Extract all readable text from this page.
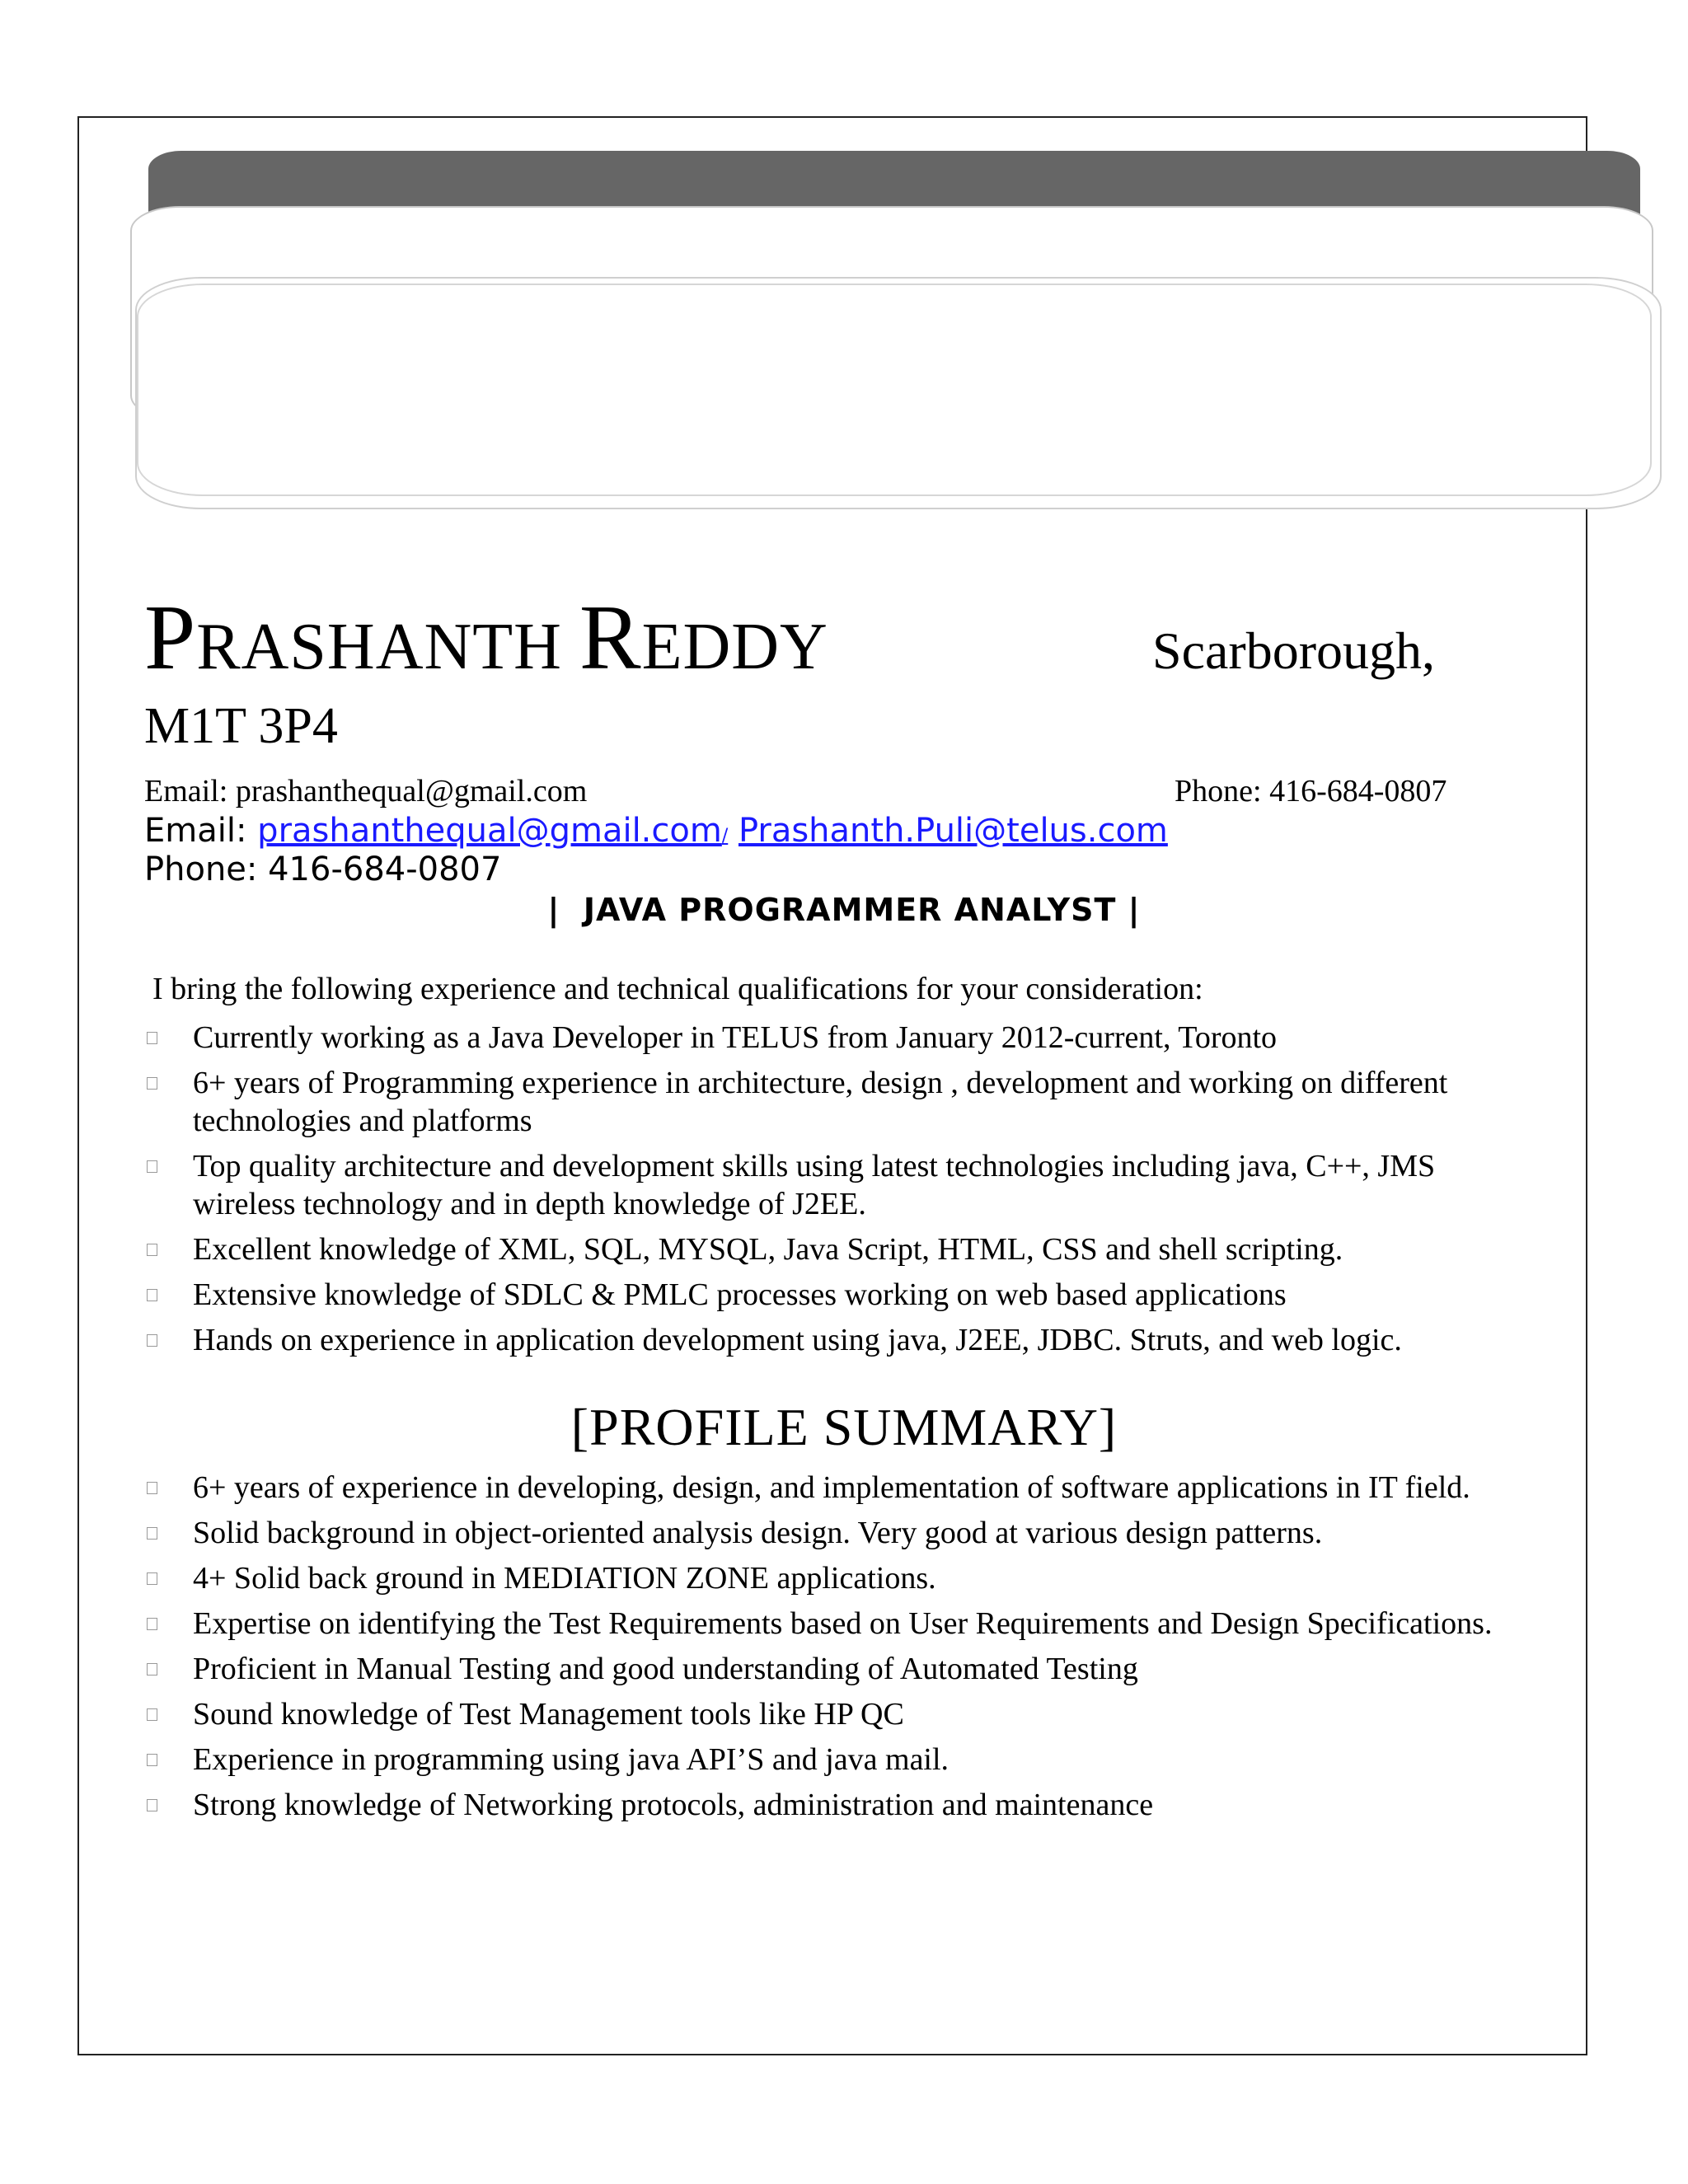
PRASHANTH REDDY	Scarborough,
M1T 3P4
Email: prashanthequal@gmail.com	Phone: 416-684-0807
Email: prashanthequal@gmail.com/ Prashanth.Puli@telus.com
Phone: 416-684-0807
| JAVA PROGRAMMER ANALYST |
I bring the following experience and technical qualifications for your consideration:
Currently working as a Java Developer in TELUS from January 2012-current, Toronto
6+ years of Programming experience in architecture, design , development and working on different technologies and platforms
Top quality architecture and development skills using latest technologies including java, C++, JMS wireless technology and in depth knowledge of J2EE.
Excellent knowledge of XML, SQL, MYSQL, Java Script, HTML, CSS and shell scripting.
Extensive knowledge of SDLC & PMLC processes working on web based applications
Hands on experience in application development using java, J2EE, JDBC. Struts, and web logic.
[PROFILE SUMMARY]
6+ years of experience in developing, design, and implementation of software applications in IT field.
Solid background in object-oriented analysis design. Very good at various design patterns.
4+ Solid back ground in MEDIATION ZONE applications.
Expertise on identifying the Test Requirements based on User Requirements and Design Specifications.
Proficient in Manual Testing and good understanding of Automated Testing
Sound knowledge of Test Management tools like HP QC
Experience in programming using java API’S and java mail.
Strong knowledge of Networking protocols, administration and maintenance
